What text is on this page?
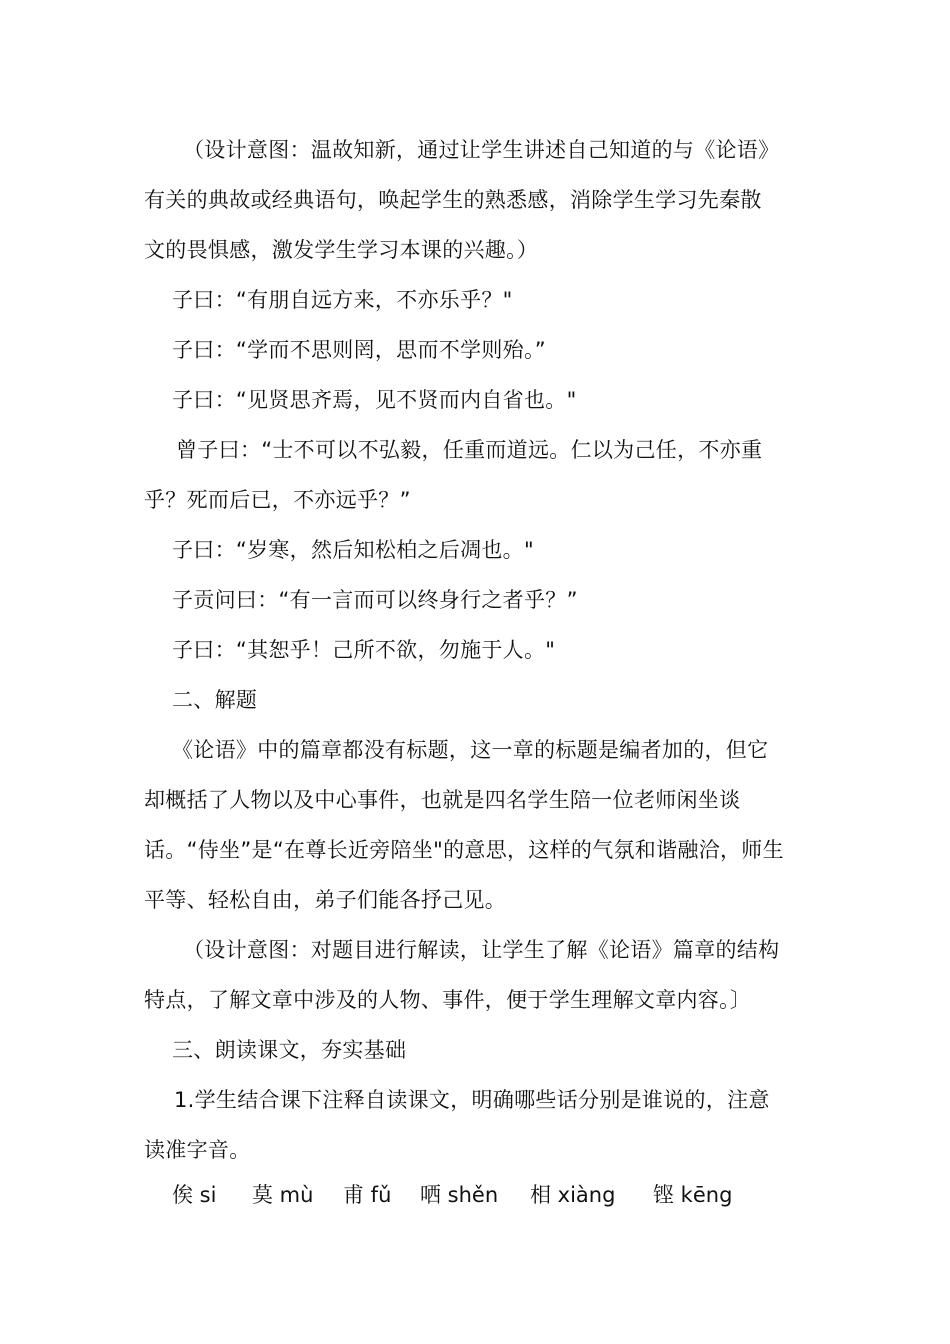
（设计意图：温故知新，通过让学生讲述自己知道的与《论语》
有关的典故或经典语句，唤起学生的熟悉感，消除学生学习先秦散
文的畏惧感，激发学生学习本课的兴趣。）
子曰：“有朋自远方来，不亦乐乎？"
子曰：“学而不思则罔，思而不学则殆。”
子曰：“见贤思齐焉，见不贤而内自省也。"
曾子曰：“士不可以不弘毅，任重而道远。仁以为己任，不亦重
乎？死而后已，不亦远乎？”
子曰：“岁寒，然后知松柏之后凋也。"
子贡问曰：“有一言而可以终身行之者乎？”
子曰：“其恕乎！己所不欲，勿施于人。"
二、解题
《论语》中的篇章都没有标题，这一章的标题是编者加的，但它
却概括了人物以及中心事件，也就是四名学生陪一位老师闲坐谈
话。“侍坐”是“在尊长近旁陪坐"的意思，这样的气氛和谐融洽，师生
平等、轻松自由，弟子们能各抒己见。
（设计意图：对题目进行解读，让学生了解《论语》篇章的结构
特点，了解文章中涉及的人物、事件，便于学生理解文章内容。〕
三、朗读课文，夯实基础
1.学生结合课下注释自读课文，明确哪些话分别是谁说的，注意
读准字音。
俟 si 莫 mù 甫 fǔ 哂 shěn 相 xiàng 铿 kēng
